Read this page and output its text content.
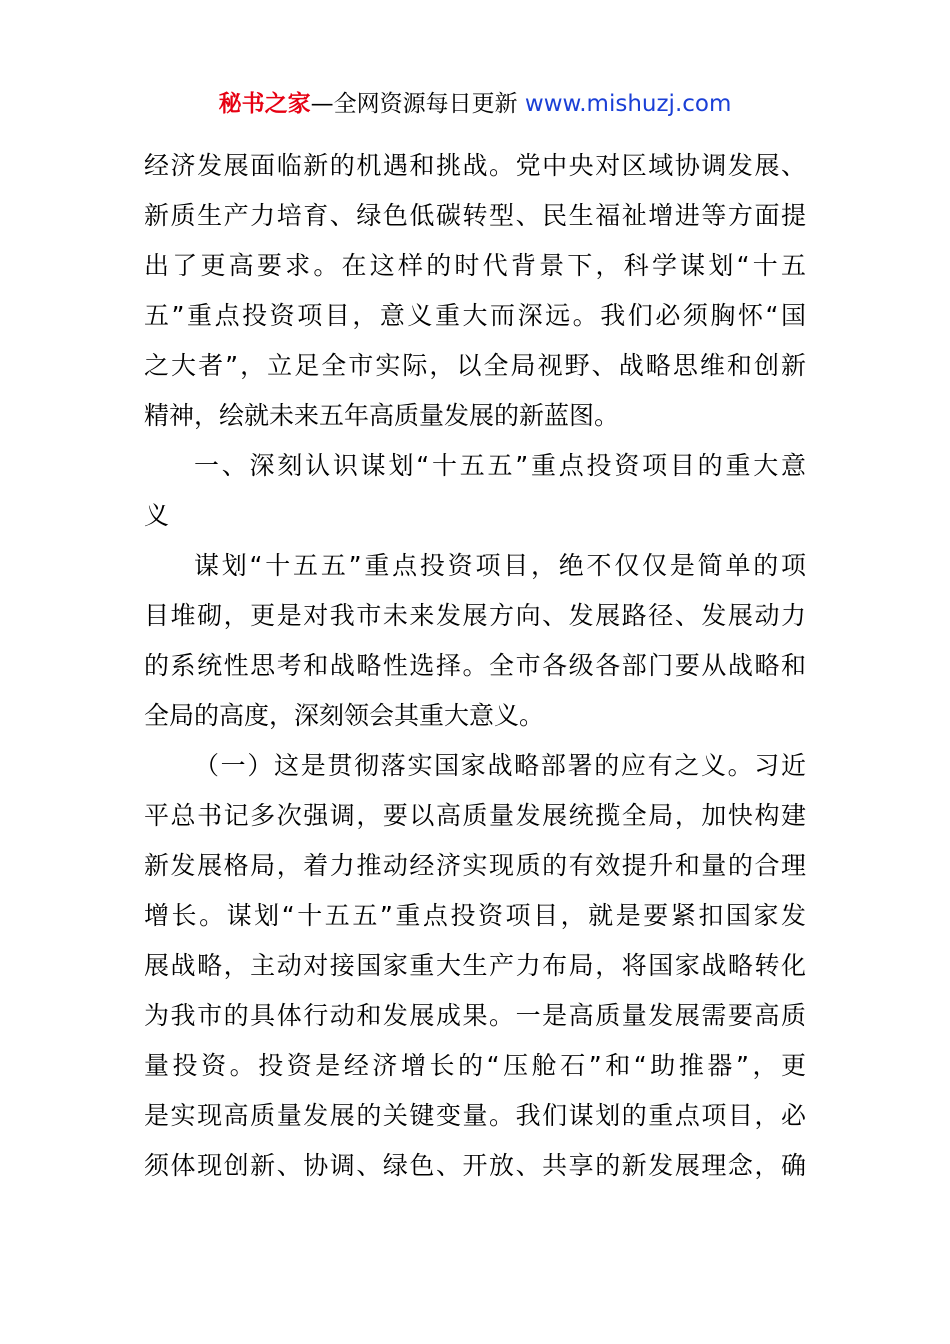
秘书之家—全网资源每日更新 www.mishuzj.com
经济发展面临新的机遇和挑战。党中央对区域协调发展、
新质生产力培育、绿色低碳转型、民生福祉增进等方面提
出了更高要求。在这样的时代背景下，科学谋划“十五
五”重点投资项目，意义重大而深远。我们必须胸怀“国
之大者”，立足全市实际，以全局视野、战略思维和创新
精神，绘就未来五年高质量发展的新蓝图。
一、深刻认识谋划“十五五”重点投资项目的重大意
义
谋划“十五五”重点投资项目，绝不仅仅是简单的项
目堆砌，更是对我市未来发展方向、发展路径、发展动力
的系统性思考和战略性选择。全市各级各部门要从战略和
全局的高度，深刻领会其重大意义。
（一）这是贯彻落实国家战略部署的应有之义。习近
平总书记多次强调，要以高质量发展统揽全局，加快构建
新发展格局，着力推动经济实现质的有效提升和量的合理
增长。谋划“十五五”重点投资项目，就是要紧扣国家发
展战略，主动对接国家重大生产力布局，将国家战略转化
为我市的具体行动和发展成果。一是高质量发展需要高质
量投资。投资是经济增长的“压舱石”和“助推器”，更
是实现高质量发展的关键变量。我们谋划的重点项目，必
须体现创新、协调、绿色、开放、共享的新发展理念，确
